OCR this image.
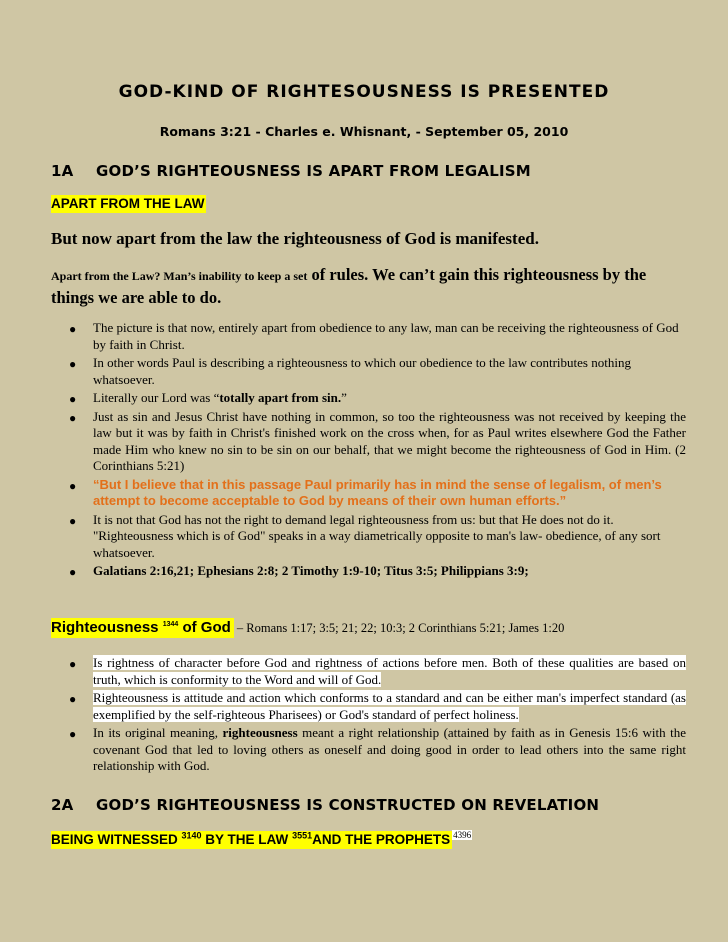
GOD-KIND OF RIGHTESOUSNESS IS PRESENTED
Romans 3:21 - Charles e. Whisnant, - September 05, 2010
1A GOD’S RIGHTEOUSNESS IS APART FROM LEGALISM
APART FROM THE LAW
But now apart from the law the righteousness of God is manifested.
Apart from the Law? Man’s inability to keep a set of rules. We can’t gain this righteousness by the things we are able to do.
● The picture is that now, entirely apart from obedience to any law, man can be receiving the righteousness of God by faith in Christ.
● In other words Paul is describing a righteousness to which our obedience to the law contributes nothing whatsoever.
● Literally our Lord was “totally apart from sin.”
● Just as sin and Jesus Christ have nothing in common, so too the righteousness was not received by keeping the law but it was by faith in Christ's finished work on the cross when, for as Paul writes elsewhere God the Father made Him who knew no sin to be sin on our behalf, that we might become the righteousness of God in Him. (2 Corinthians 5:21)
● “But I believe that in this passage Paul primarily has in mind the sense of legalism, of men’s attempt to become acceptable to God by means of their own human efforts.”
● It is not that God has not the right to demand legal righteousness from us: but that He does not do it. "Righteousness which is of God" speaks in a way diametrically opposite to man's law- obedience, of any sort whatsoever.
● Galatians 2:16,21; Ephesians 2:8; 2 Timothy 1:9-10; Titus 3:5; Philippians 3:9;
Righteousness $^{1344}$ of God – Romans 1:17; 3:5; 21; 22; 10:3; 2 Corinthians 5:21; James 1:20
● Is rightness of character before God and rightness of actions before men. Both of these qualities are based on truth, which is conformity to the Word and will of God.
● Righteousness is attitude and action which conforms to a standard and can be either man's imperfect standard (as exemplified by the self-righteous Pharisees) or God's standard of perfect holiness.
● In its original meaning, righteousness meant a right relationship (attained by faith as in Genesis 15:6 with the covenant God that led to loving others as oneself and doing good in order to lead others into the same right relationship with God.
2A GOD’S RIGHTEOUSNESS IS CONSTRUCTED ON REVELATION
BEING WITNESSED $^{3140}$ BY THE LAW $^{3551}$AND THE PROPHETS $^{4396}$
